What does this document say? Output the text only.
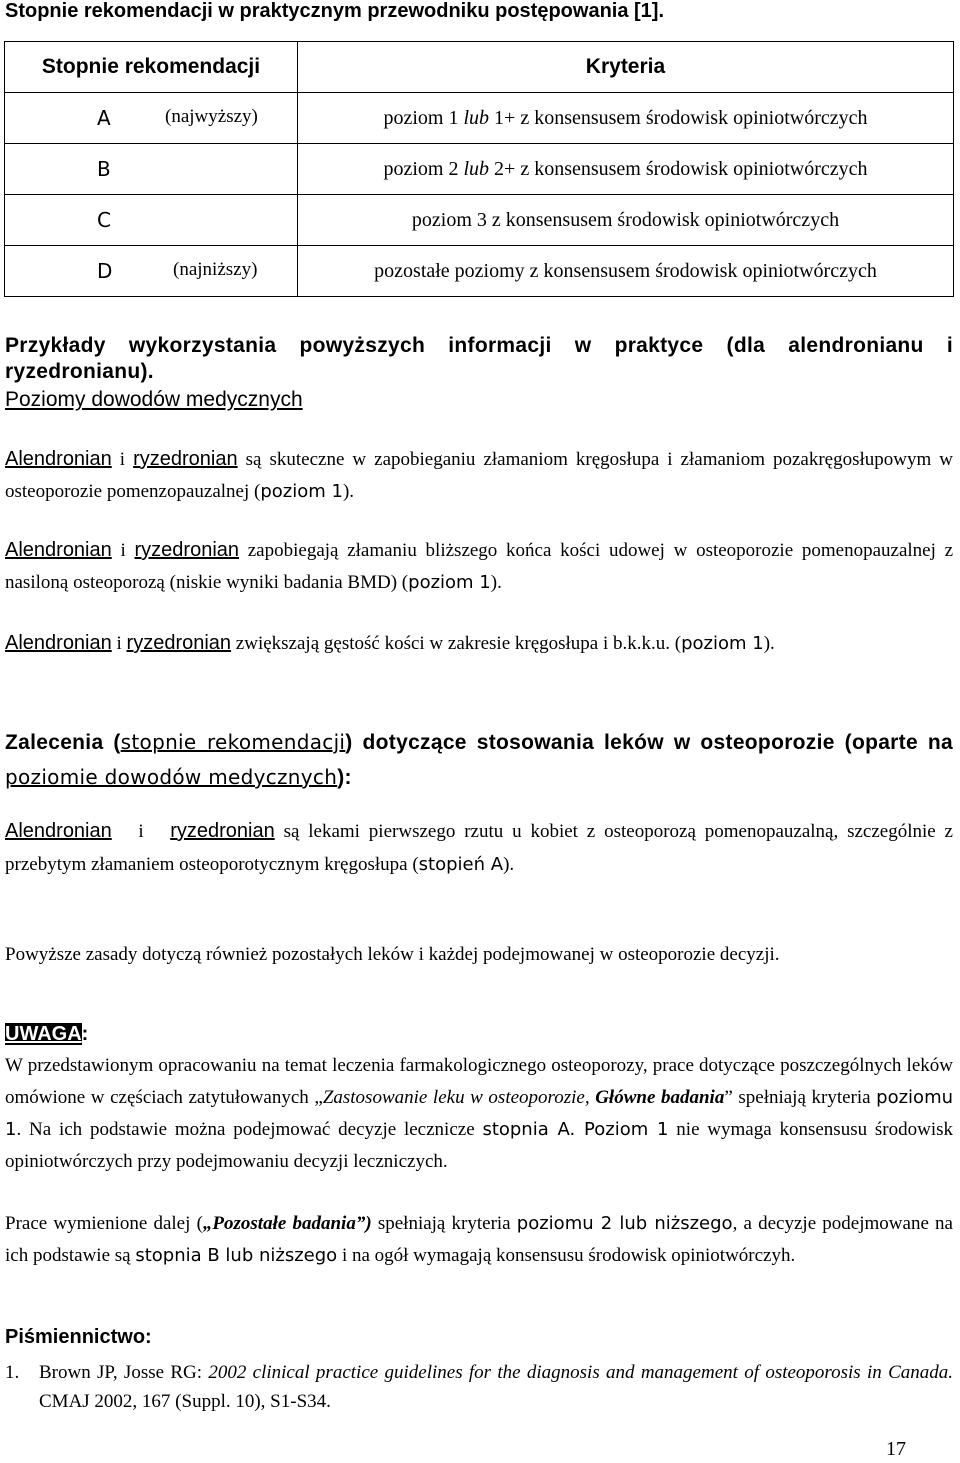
Stopnie rekomendacji w praktycznym przewodniku postępowania [1].
Stopnie rekomendacji	Kryteria

A (najwyższy)	poziom 1 lub 1+ z konsensusem środowisk opiniotwórczych

B	poziom 2 lub 2+ z konsensusem środowisk opiniotwórczych

C	poziom 3 z konsensusem środowisk opiniotwórczych

D (najniższy)	pozostałe poziomy z konsensusem środowisk opiniotwórczych
Przykłady wykorzystania powyższych informacji w praktyce (dla alendronianu i ryzedronianu).
Poziomy dowodów medycznych
Alendronian i ryzedronian są skuteczne w zapobieganiu złamaniom kręgosłupa i złamaniom pozakręgosłupowym w osteoporozie pomenzopauzalnej (poziom 1).
Alendronian i ryzedronian zapobiegają złamaniu bliższego końca kości udowej w osteoporozie pomenopauzalnej z nasiloną osteoporozą (niskie wyniki badania BMD) (poziom 1).
Alendronian i ryzedronian zwiększają gęstość kości w zakresie kręgosłupa i b.k.k.u. (poziom 1).
Zalecenia (stopnie rekomendacji) dotyczące stosowania leków w osteoporozie (oparte na poziomie dowodów medycznych):
Alendronian i ryzedronian są lekami pierwszego rzutu u kobiet z osteoporozą pomenopauzalną, szczególnie z przebytym złamaniem osteoporotycznym kręgosłupa (stopień A).
Powyższe zasady dotyczą również pozostałych leków i każdej podejmowanej w osteoporozie decyzji.
UWAGA:
W przedstawionym opracowaniu na temat leczenia farmakologicznego osteoporozy, prace dotyczące poszczególnych leków omówione w częściach zatytułowanych „Zastosowanie leku w osteoporozie, Główne badania” spełniają kryteria poziomu 1. Na ich podstawie można podejmować decyzje lecznicze stopnia A. Poziom 1 nie wymaga konsensusu środowisk opiniotwórczych przy podejmowaniu decyzji leczniczych.
Prace wymienione dalej („Pozostałe badania”) spełniają kryteria poziomu 2 lub niższego, a decyzje podejmowane na ich podstawie są stopnia B lub niższego i na ogół wymagają konsensusu środowisk opiniotwórczyh.
Piśmiennictwo:
1. Brown JP, Josse RG: 2002 clinical practice guidelines for the diagnosis and management of osteoporosis in Canada. CMAJ 2002, 167 (Suppl. 10), S1-S34.
17
